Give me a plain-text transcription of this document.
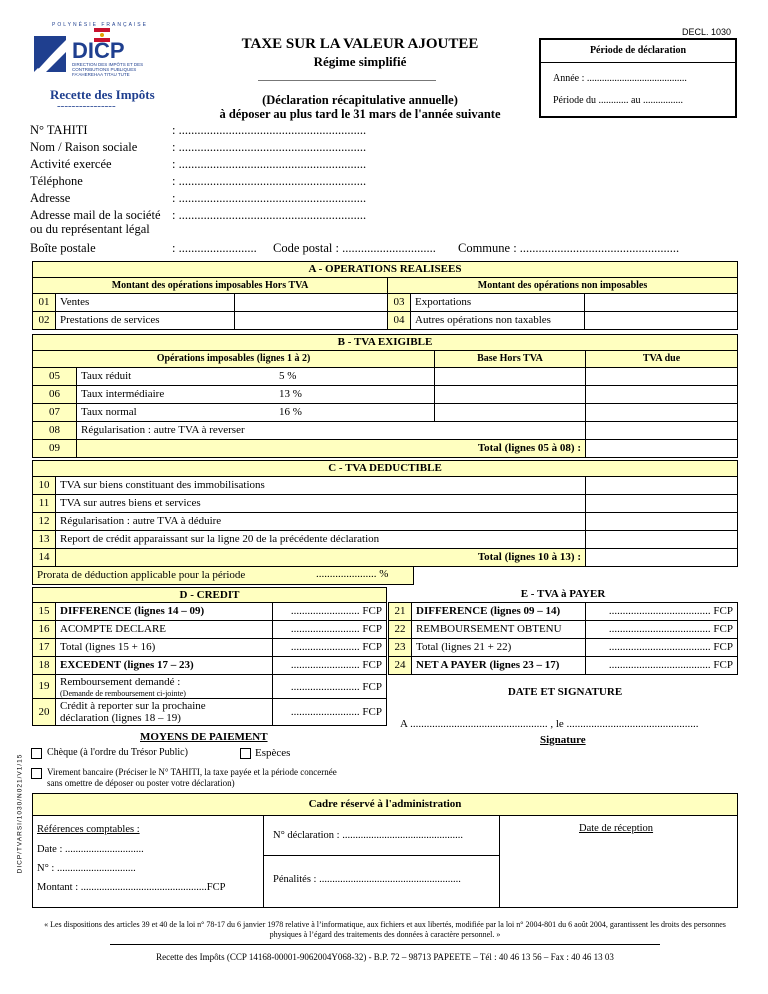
DECL. 1030
POLYNÉSIE FRANÇAISE
DICP
DIRECTION DES IMPÔTS ET DES
CONTRIBUTIONS PUBLIQUES
FA'AHEREHAA TITAU TUTE
Recette des Impôts
----------------
TAXE SUR LA VALEUR AJOUTEE
Régime simplifié
(Déclaration récapitulative annuelle)
à déposer au plus tard le 31 mars de l'année suivante
Période de déclaration
Année : ........................................
Période du ............ au ................
N° TAHITI	: ............................................................
Nom / Raison sociale	: ............................................................
Activité exercée	: ............................................................
Téléphone	: ............................................................
Adresse	: ............................................................
Adresse mail de la société : ............................................................
ou du représentant légal
Boîte postale	: ......................... Code postal : .............................. Commune : ...................................................
A - OPERATIONS REALISEES
Montant des opérations imposables Hors TVA	Montant des opérations non imposables
01 Ventes	03 Exportations
02 Prestations de services	04 Autres opérations non taxables
B - TVA EXIGIBLE
Opérations imposables (lignes 1 à 2)	Base Hors TVA	TVA due
05	Taux réduit	5 %
06	Taux intermédiaire	13 %
07	Taux normal	16 %
08	Régularisation : autre TVA à reverser
09	Total (lignes 05 à 08) :
C - TVA DEDUCTIBLE
10 TVA sur biens constituant des immobilisations
11 TVA sur autres biens et services
12 Régularisation : autre TVA à déduire
13 Report de crédit apparaissant sur la ligne 20 de la précédente déclaration
14	Total (lignes 10 à 13) :
Prorata de déduction applicable pour la période	...................... %
D - CREDIT
15 DIFFERENCE (lignes 14 – 09)	......................... FCP
16 ACOMPTE DECLARE	......................... FCP
17 Total (lignes 15 + 16)	......................... FCP
18 EXCEDENT (lignes 17 – 23)	......................... FCP
19 Remboursement demandé :
(Demande de remboursement ci-jointe)
......................... FCP
20 Crédit à reporter sur la prochaine
déclaration (lignes 18 – 19)	......................... FCP
E - TVA à PAYER
21 DIFFERENCE (lignes 09 – 14)	..................................... FCP
22 REMBOURSEMENT OBTENU	..................................... FCP
23 Total (lignes 21 + 22)	..................................... FCP
24 NET A PAYER (lignes 23 – 17)	..................................... FCP
DATE ET SIGNATURE
A .................................................. , le ................................................
Signature
MOYENS DE PAIEMENT
Chèque (à l'ordre du Trésor Public)	Espèces
Virement bancaire (Préciser le N° TAHITI, la taxe payée et la période concernée
sans omettre de déposer ou poster votre déclaration)
Cadre réservé à l'administration
Références comptables :
Date : ..............................
N° : ..............................
Montant : ................................................FCP
N° déclaration : ..............................................
Pénalités : ......................................................
Date de réception
DICP/TVARSI/1030/N021/V1/15
« Les dispositions des articles 39 et 40 de la loi n° 78-17 du 6 janvier 1978 relative à l’informatique, aux fichiers et aux libertés, modifiée par la loi n° 2004-801 du 6 août 2004, garantissent les droits des personnes physiques à l’égard des traitements des données à caractère personnel. »
Recette des Impôts (CCP 14168-00001-9062004Y068-32) - B.P. 72 – 98713 PAPEETE – Tél : 40 46 13 56 – Fax : 40 46 13 03
